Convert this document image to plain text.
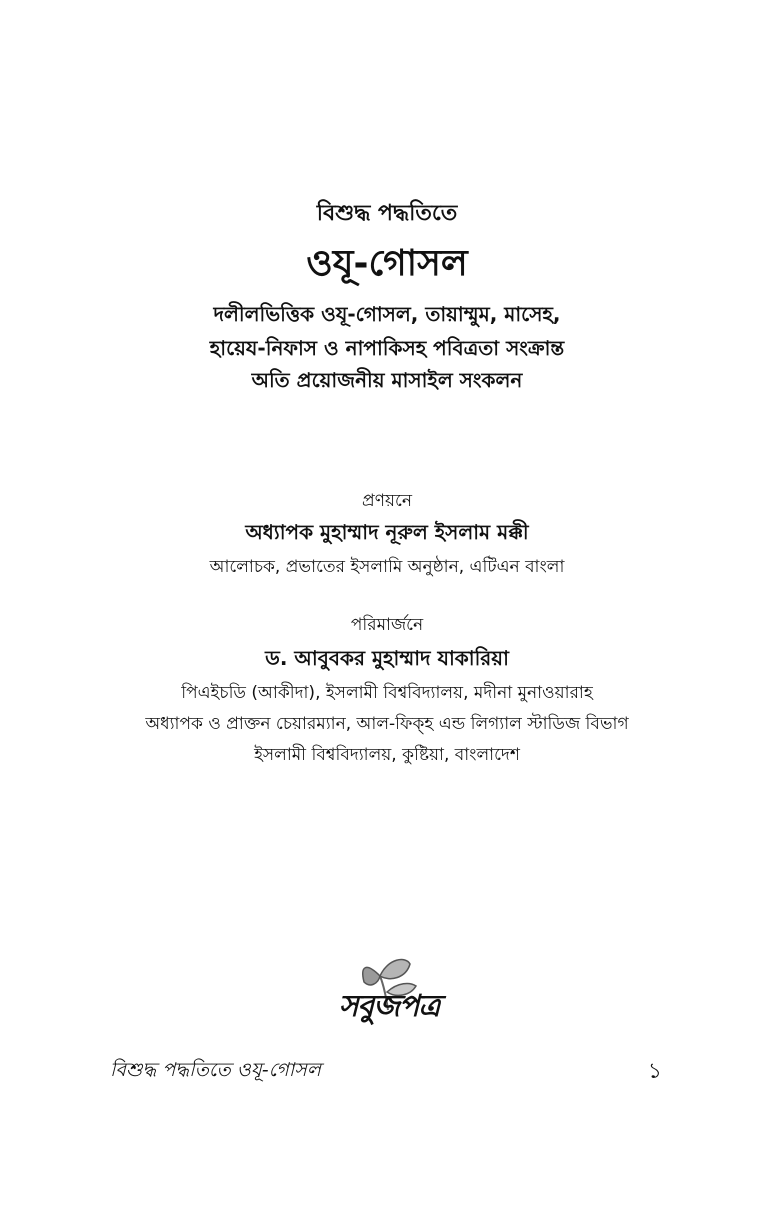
বিশুদ্ধ পদ্ধতিতে
ওযূ-গোসল
দলীলভিত্তিক ওযূ-গোসল, তায়াম্মুম, মাসেহ,
হায়েয-নিফাস ও নাপাকিসহ পবিত্রতা সংক্রান্ত
অতি প্রয়োজনীয় মাসাইল সংকলন
প্রণয়নে
অধ্যাপক মুহাম্মাদ নূরুল ইসলাম মক্কী
আলোচক, প্রভাতের ইসলামি অনুষ্ঠান, এটিএন বাংলা
পরিমার্জনে
ড. আবুবকর মুহাম্মাদ যাকারিয়া
পিএইচডি (আকীদা), ইসলামী বিশ্ববিদ্যালয়, মদীনা মুনাওয়ারাহ
অধ্যাপক ও প্রাক্তন চেয়ারম্যান, আল-ফিক্‌হ এন্ড লিগ্যাল স্টাডিজ বিভাগ
ইসলামী বিশ্ববিদ্যালয়, কুষ্টিয়া, বাংলাদেশ
সবুজপত্র
বিশুদ্ধ পদ্ধতিতে ওযূ-গোসল	১
